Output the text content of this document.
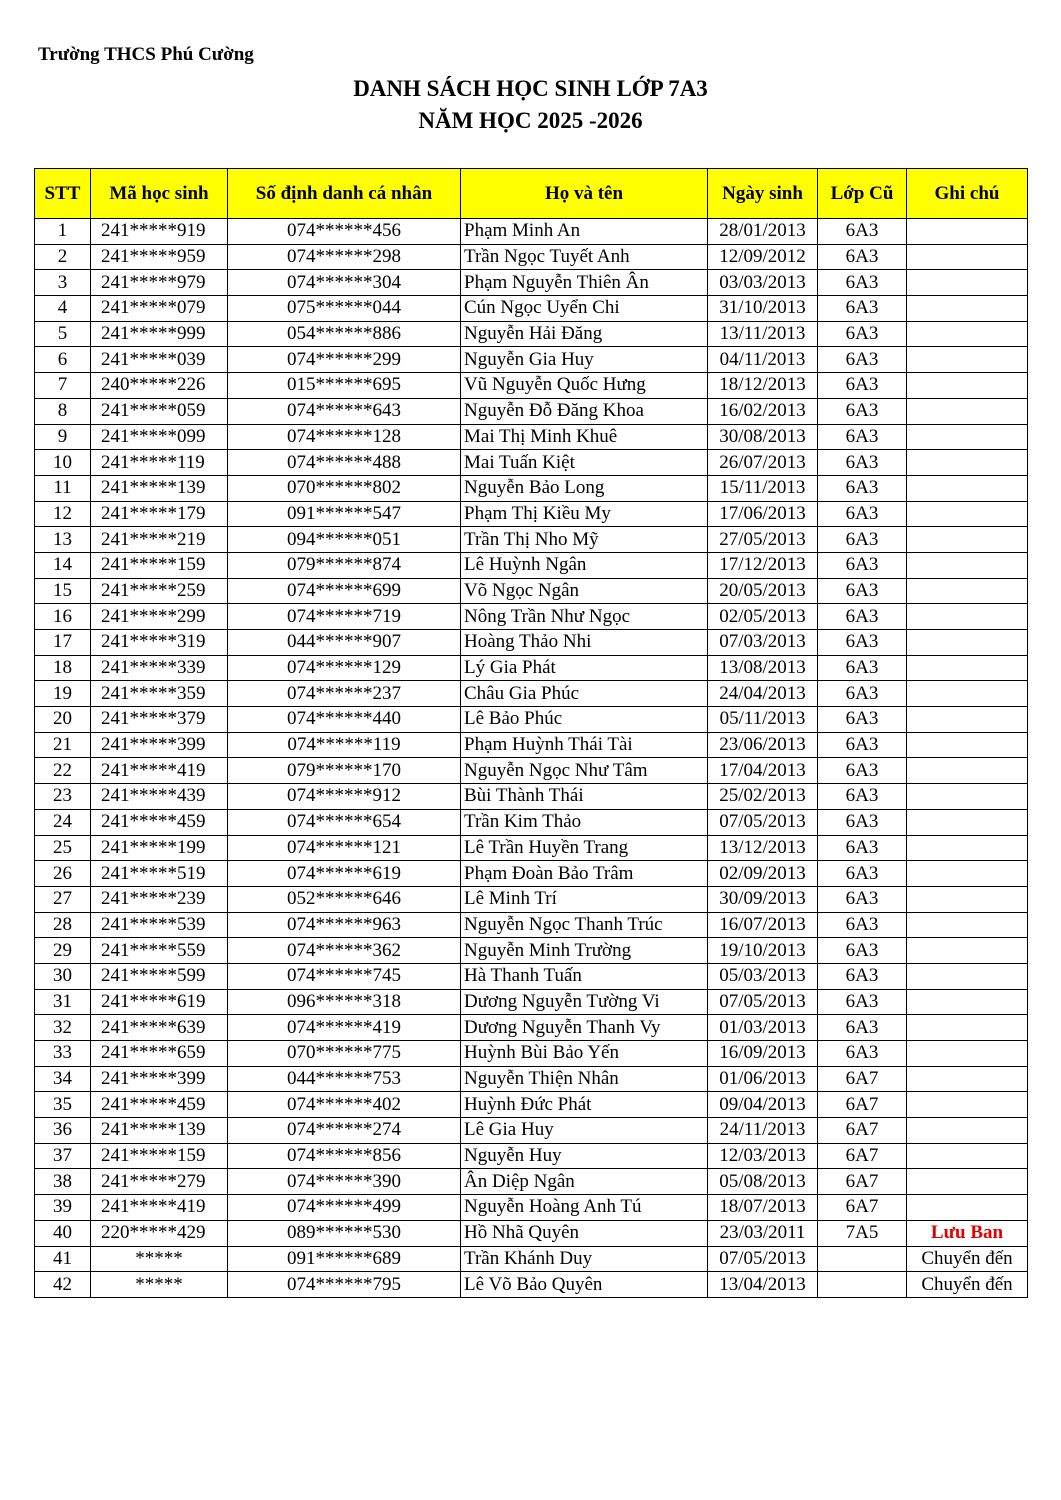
Trường THCS Phú Cường
DANH SÁCH HỌC SINH LỚP 7A3
NĂM HỌC 2025 -2026
STT	Mã học sinh	Số định danh cá nhân	Họ và tên	Ngày sinh	Lớp Cũ	Ghi chú
1	241*****919	074******456	Phạm Minh An	28/01/2013	6A3	
2	241*****959	074******298	Trần Ngọc Tuyết Anh	12/09/2012	6A3	
3	241*****979	074******304	Phạm Nguyễn Thiên Ân	03/03/2013	6A3	
4	241*****079	075******044	Cún Ngọc Uyển Chi	31/10/2013	6A3	
5	241*****999	054******886	Nguyễn Hải Đăng	13/11/2013	6A3	
6	241*****039	074******299	Nguyễn Gia Huy	04/11/2013	6A3	
7	240*****226	015******695	Vũ Nguyễn Quốc Hưng	18/12/2013	6A3	
8	241*****059	074******643	Nguyễn Đỗ Đăng Khoa	16/02/2013	6A3	
9	241*****099	074******128	Mai Thị Minh Khuê	30/08/2013	6A3	
10	241*****119	074******488	Mai Tuấn Kiệt	26/07/2013	6A3	
11	241*****139	070******802	Nguyễn Bảo Long	15/11/2013	6A3	
12	241*****179	091******547	Phạm Thị Kiều My	17/06/2013	6A3	
13	241*****219	094******051	Trần Thị Nho Mỹ	27/05/2013	6A3	
14	241*****159	079******874	Lê Huỳnh Ngân	17/12/2013	6A3	
15	241*****259	074******699	Võ Ngọc Ngân	20/05/2013	6A3	
16	241*****299	074******719	Nông Trần Như Ngọc	02/05/2013	6A3	
17	241*****319	044******907	Hoàng Thảo Nhi	07/03/2013	6A3	
18	241*****339	074******129	Lý Gia Phát	13/08/2013	6A3	
19	241*****359	074******237	Châu Gia Phúc	24/04/2013	6A3	
20	241*****379	074******440	Lê Bảo Phúc	05/11/2013	6A3	
21	241*****399	074******119	Phạm Huỳnh Thái Tài	23/06/2013	6A3	
22	241*****419	079******170	Nguyễn Ngọc Như Tâm	17/04/2013	6A3	
23	241*****439	074******912	Bùi Thành Thái	25/02/2013	6A3	
24	241*****459	074******654	Trần Kim Thảo	07/05/2013	6A3	
25	241*****199	074******121	Lê Trần Huyền Trang	13/12/2013	6A3	
26	241*****519	074******619	Phạm Đoàn Bảo Trâm	02/09/2013	6A3	
27	241*****239	052******646	Lê Minh Trí	30/09/2013	6A3	
28	241*****539	074******963	Nguyễn Ngọc Thanh Trúc	16/07/2013	6A3	
29	241*****559	074******362	Nguyễn Minh Trường	19/10/2013	6A3	
30	241*****599	074******745	Hà Thanh Tuấn	05/03/2013	6A3	
31	241*****619	096******318	Dương Nguyễn Tường Vi	07/05/2013	6A3	
32	241*****639	074******419	Dương Nguyễn Thanh Vy	01/03/2013	6A3	
33	241*****659	070******775	Huỳnh Bùi Bảo Yến	16/09/2013	6A3	
34	241*****399	044******753	Nguyễn Thiện Nhân	01/06/2013	6A7	
35	241*****459	074******402	Huỳnh Đức Phát	09/04/2013	6A7	
36	241*****139	074******274	Lê Gia Huy	24/11/2013	6A7	
37	241*****159	074******856	Nguyễn Huy	12/03/2013	6A7	
38	241*****279	074******390	Ân Diệp Ngân	05/08/2013	6A7	
39	241*****419	074******499	Nguyễn Hoàng Anh Tú	18/07/2013	6A7	
40	220*****429	089******530	Hồ Nhã Quyên	23/03/2011	7A5	Lưu Ban
41	*****	091******689	Trần Khánh Duy	07/05/2013		Chuyển đến
42	*****	074******795	Lê Võ Bảo Quyên	13/04/2013		Chuyển đến
